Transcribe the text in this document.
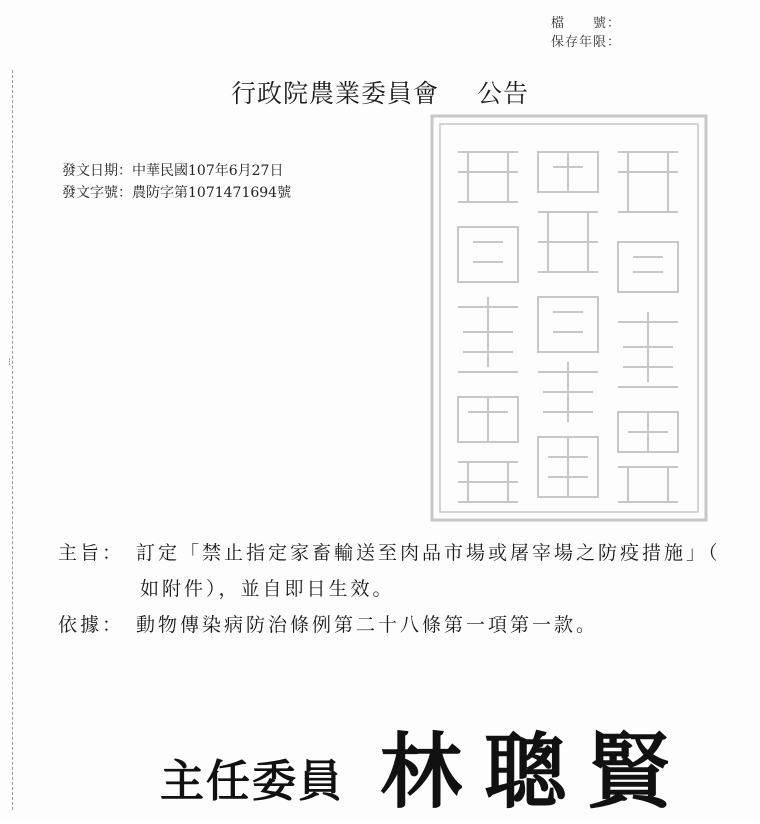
⁝
檔　　號：
保存年限：
行政院農業委員會 公告
發文日期：中華民國107年6月27日
發文字號：農防字第1071471694號
主旨： 訂定「禁止指定家畜輸送至肉品市場或屠宰場之防疫措施」（
如附件），並自即日生效。
依據： 動物傳染病防治條例第二十八條第一項第一款。
主任委員 林聰賢
